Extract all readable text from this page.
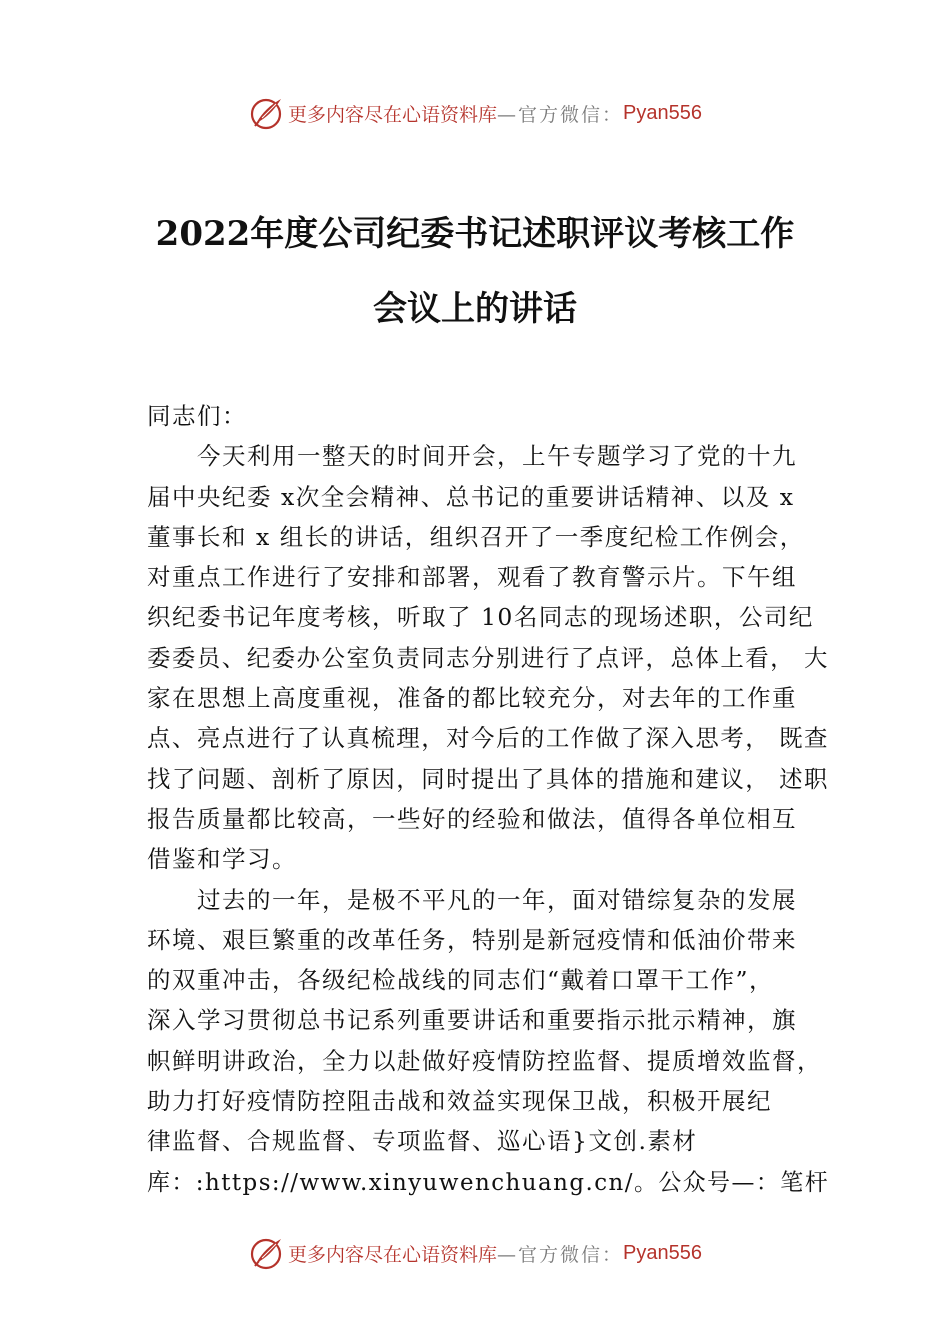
更多内容尽在心语资料库 —官方微信： Pyan556
2022年度公司纪委书记述职评议考核工作
会议上的讲话
同志们：
　　今天利用一整天的时间开会，上午专题学习了党的十九
届中央纪委 x次全会精神、总书记的重要讲话精神、以及 x
董事长和 x 组长的讲话，组织召开了一季度纪检工作例会，
对重点工作进行了安排和部署，观看了教育警示片。下午组
织纪委书记年度考核，听取了 10名同志的现场述职，公司纪
委委员、纪委办公室负责同志分别进行了点评，总体上看， 大
家在思想上高度重视，准备的都比较充分，对去年的工作重
点、亮点进行了认真梳理，对今后的工作做了深入思考， 既查
找了问题、剖析了原因，同时提出了具体的措施和建议， 述职
报告质量都比较高，一些好的经验和做法，值得各单位相互
借鉴和学习。
　　过去的一年，是极不平凡的一年，面对错综复杂的发展
环境、艰巨繁重的改革任务，特别是新冠疫情和低油价带来
的双重冲击，各级纪检战线的同志们“戴着口罩干工作”，
深入学习贯彻总书记系列重要讲话和重要指示批示精神，旗
帜鲜明讲政治，全力以赴做好疫情防控监督、提质增效监督，
助力打好疫情防控阻击战和效益实现保卫战，积极开展纪
律监督、合规监督、专项监督、巡心语}文创.素材
库：:https://www.xinyuwenchuang.cn/。公众号—：笔杆
更多内容尽在心语资料库 —官方微信： Pyan556
